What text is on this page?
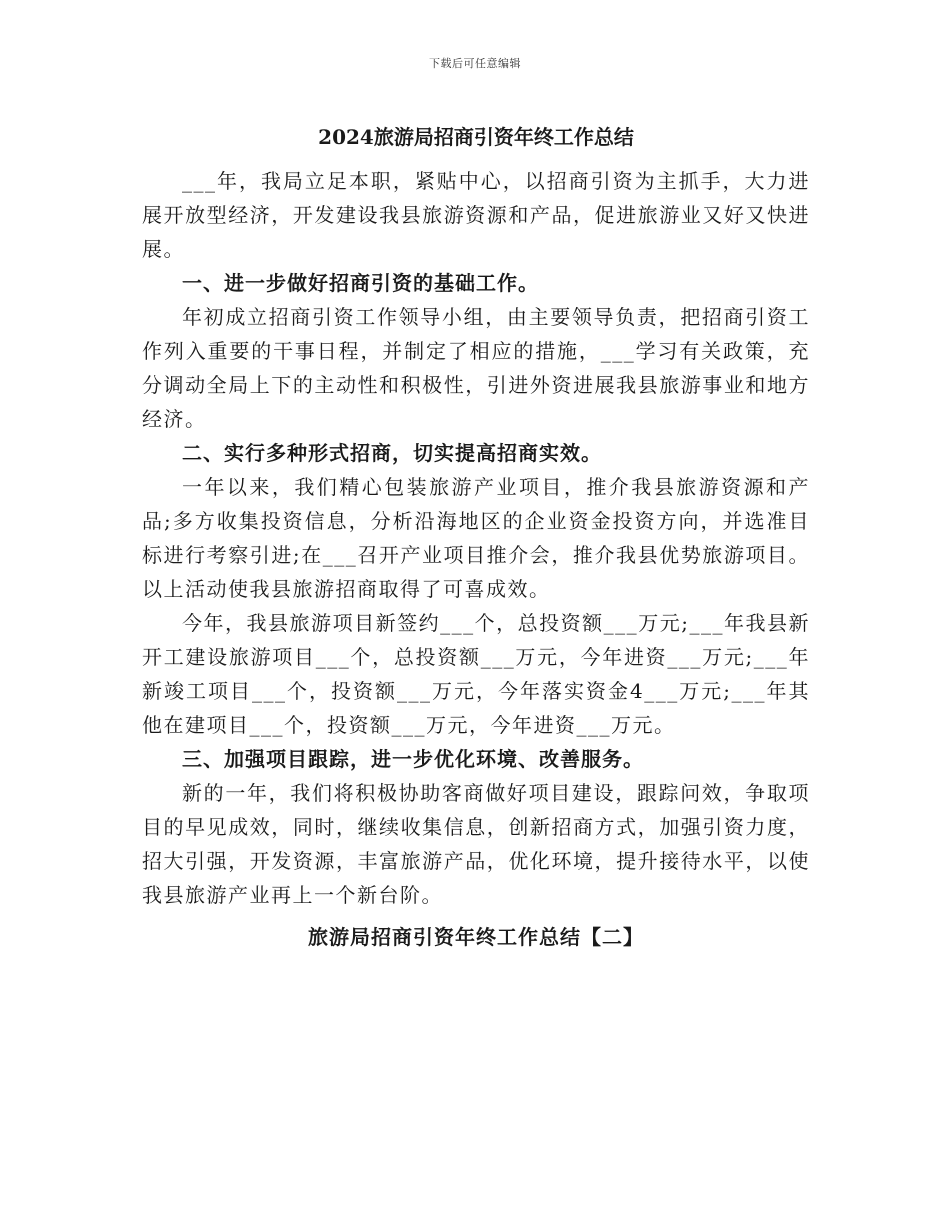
下载后可任意编辑
2024旅游局招商引资年终工作总结

___年，我局立足本职，紧贴中心，以招商引资为主抓手，大力进展开放型经济，开发建设我县旅游资源和产品，促进旅游业又好又快进展。

一、进一步做好招商引资的基础工作。

年初成立招商引资工作领导小组，由主要领导负责，把招商引资工作列入重要的干事日程，并制定了相应的措施，___学习有关政策，充分调动全局上下的主动性和积极性，引进外资进展我县旅游事业和地方经济。

二、实行多种形式招商，切实提高招商实效。

一年以来，我们精心包装旅游产业项目，推介我县旅游资源和产品;多方收集投资信息，分析沿海地区的企业资金投资方向，并选准目标进行考察引进;在___召开产业项目推介会，推介我县优势旅游项目。以上活动使我县旅游招商取得了可喜成效。

今年，我县旅游项目新签约___个，总投资额___万元;___年我县新开工建设旅游项目___个，总投资额___万元，今年进资___万元;___年新竣工项目___个，投资额___万元，今年落实资金4___万元;___年其他在建项目___个，投资额___万元，今年进资___万元。

三、加强项目跟踪，进一步优化环境、改善服务。

新的一年，我们将积极协助客商做好项目建设，跟踪问效，争取项目的早见成效，同时，继续收集信息，创新招商方式，加强引资力度，招大引强，开发资源，丰富旅游产品，优化环境，提升接待水平，以使我县旅游产业再上一个新台阶。

旅游局招商引资年终工作总结【二】
